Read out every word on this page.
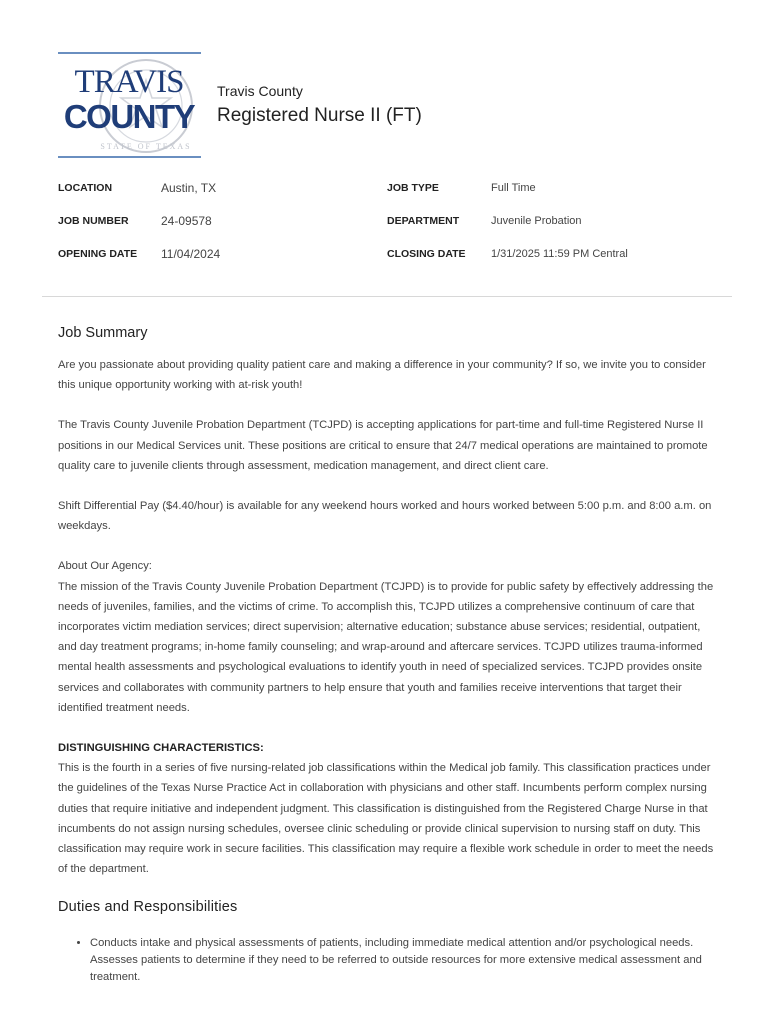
TRAVIS
COUNTY
STATE OF TEXAS
Travis County
Registered Nurse II (FT)
LOCATION	Austin, TX
JOB NUMBER	24-09578
OPENING DATE 11/04/2024
JOB TYPE	Full Time
DEPARTMENT	Juvenile Probation
CLOSING DATE 1/31/2025 11:59 PM Central
Job Summary

Are you passionate about providing quality patient care and making a difference in your community? If so, we invite you to consider this unique opportunity working with at-risk youth!

The Travis County Juvenile Probation Department (TCJPD) is accepting applications for part-time and full-time Registered Nurse II positions in our Medical Services unit. These positions are critical to ensure that 24/7 medical operations are maintained to promote quality care to juvenile clients through assessment, medication management, and direct client care.

Shift Differential Pay ($4.40/hour) is available for any weekend hours worked and hours worked between 5:00 p.m. and 8:00 a.m. on weekdays.

About Our Agency:

The mission of the Travis County Juvenile Probation Department (TCJPD) is to provide for public safety by effectively addressing the needs of juveniles, families, and the victims of crime. To accomplish this, TCJPD utilizes a comprehensive continuum of care that incorporates victim mediation services; direct supervision; alternative education; substance abuse services; residential, outpatient, and day treatment programs; in-home family counseling; and wrap-around and aftercare services. TCJPD utilizes trauma-informed mental health assessments and psychological evaluations to identify youth in need of specialized services. TCJPD provides onsite services and collaborates with community partners to help ensure that youth and families receive interventions that target their identified treatment needs.

DISTINGUISHING CHARACTERISTICS:

This is the fourth in a series of five nursing-related job classifications within the Medical job family. This classification practices under the guidelines of the Texas Nurse Practice Act in collaboration with physicians and other staff. Incumbents perform complex nursing duties that require initiative and independent judgment. This classification is distinguished from the Registered Charge Nurse in that incumbents do not assign nursing schedules, oversee clinic scheduling or provide clinical supervision to nursing staff on duty. This classification may require work in secure facilities. This classification may require a flexible work schedule in order to meet the needs of the department.

Duties and Responsibilities
• Conducts intake and physical assessments of patients, including immediate medical attention and/or psychological needs. Assesses patients to determine if they need to be referred to outside resources for more extensive medical assessment and treatment.
